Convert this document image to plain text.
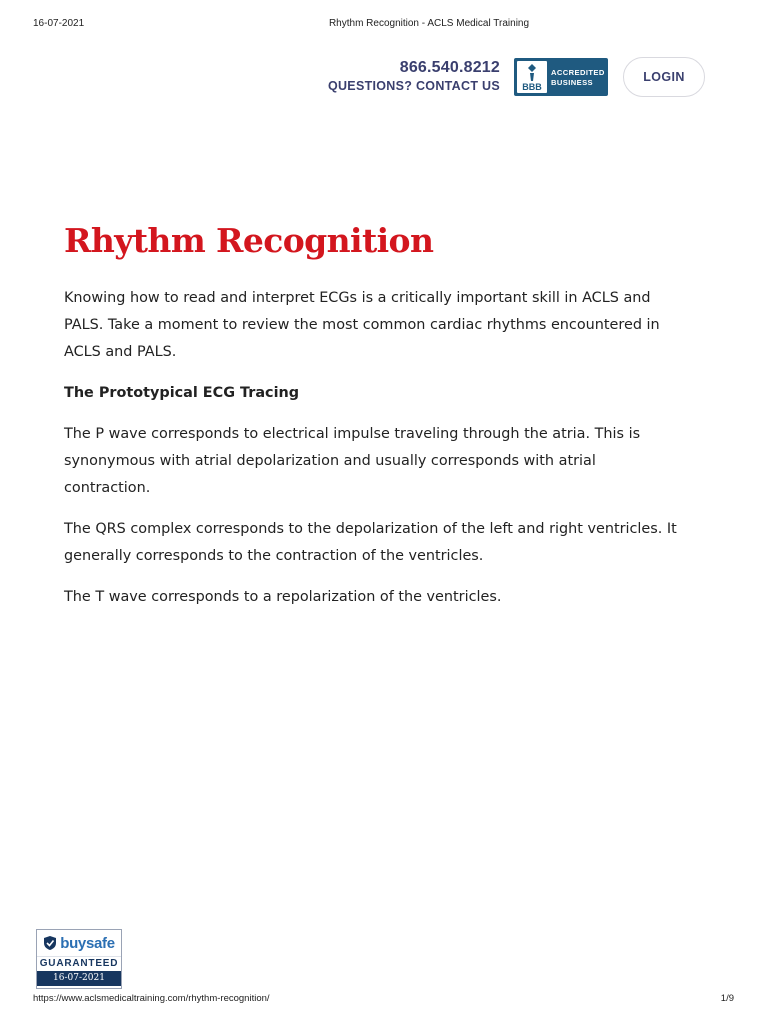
16-07-2021	Rhythm Recognition - ACLS Medical Training
866.540.8212
QUESTIONS? CONTACT US	BBB
ACCREDITED
BUSINESS	LOGIN
Rhythm Recognition

Knowing how to read and interpret ECGs is a critically important skill in ACLS and PALS. Take a moment to review the most common cardiac rhythms encountered in ACLS and PALS.

The Prototypical ECG Tracing

The P wave corresponds to electrical impulse traveling through the atria. This is synonymous with atrial depolarization and usually corresponds with atrial contraction.

The QRS complex corresponds to the depolarization of the left and right ventricles. It generally corresponds to the contraction of the ventricles.

The T wave corresponds to a repolarization of the ventricles.

buysafe
GUARANTEED
16-07-2021
https://www.aclsmedicaltraining.com/rhythm-recognition/	1/9
